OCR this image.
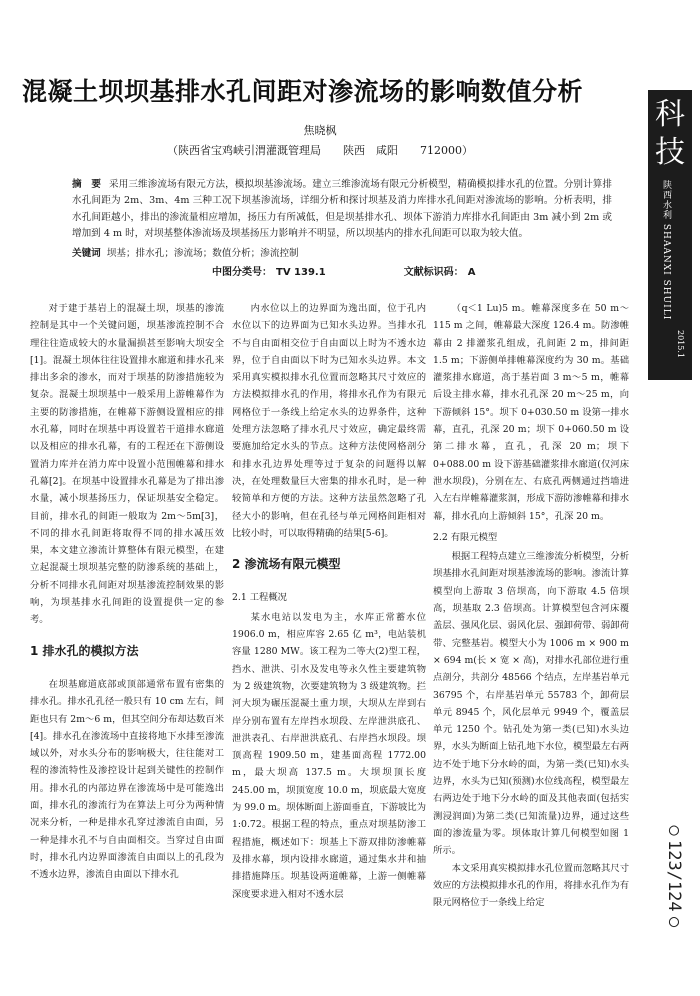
混凝土坝坝基排水孔间距对渗流场的影响数值分析
焦晓枫
（陕西省宝鸡峡引渭灌溉管理局　　陕西　咸阳　　712000）
摘　要 采用三维渗流场有限元方法，模拟坝基渗流场。建立三维渗流场有限元分析模型，精确模拟排水孔的位置。分别计算排水孔间距为 2m、3m、4m 三种工况下坝基渗流场，详细分析和探讨坝基及消力库排水孔间距对渗流场的影响。分析表明，排水孔间距越小，排出的渗流量相应增加，扬压力有所减低，但是坝基排水孔、坝体下游消力库排水孔间距由 3m 减小到 2m 或增加到 4 m 时，对坝基整体渗流场及坝基扬压力影响并不明显，所以坝基内的排水孔间距可以取为较大值。
关键词 坝基；排水孔；渗流场；数值分析；渗流控制
中图分类号： TV 139.1	文献标识码： A

对于建于基岩上的混凝土坝，坝基的渗流控制是其中一个关键问题，坝基渗流控制不合理往往造成较大的水量漏损甚至影响大坝安全[1]。混凝土坝体往往设置排水廊道和排水孔来排出多余的渗水，而对于坝基的防渗措施较为复杂。混凝土坝坝基中一般采用上游帷幕作为主要的防渗措施，在帷幕下游侧设置相应的排水孔幕，同时在坝基中再设置若干道排水廊道以及相应的排水孔幕，有的工程还在下游侧设置消力库并在消力库中设置小范围帷幕和排水孔幕[2]。在坝基中设置排水孔幕是为了排出渗水量，减小坝基扬压力，保证坝基安全稳定。目前，排水孔的间距一般取为 2m～5m[3]，不同的排水孔间距将取得不同的排水减压效果，本文建立渗流计算整体有限元模型，在建立起混凝土坝坝基完整的防渗系统的基础上，分析不同排水孔间距对坝基渗流控制效果的影响，为坝基排水孔间距的设置提供一定的参考。

1 排水孔的模拟方法

在坝基廊道底部或顶部通常布置有密集的排水孔。排水孔孔径一般只有 10 cm 左右，间距也只有 2m～6 m，但其空间分布却达数百米[4]。排水孔在渗流场中直接将地下水排至渗流域以外，对水头分布的影响极大，往往能对工程的渗流特性及渗控设计起到关键性的控制作用。排水孔的内部边界在渗流场中是可能逸出面，排水孔的渗流行为在算法上可分为两种情况来分析，一种是排水孔穿过渗流自由面，另一种是排水孔不与自由面相交。当穿过自由面时，排水孔内边界面渗流自由面以上的孔段为不透水边界，渗流自由面以下排水孔

内水位以上的边界面为逸出面，位于孔内水位以下的边界面为已知水头边界。当排水孔不与自由面相交位于自由面以上时为不透水边界，位于自由面以下时为已知水头边界。本文采用真实模拟排水孔位置而忽略其尺寸效应的方法模拟排水孔的作用，将排水孔作为有限元网格位于一条线上给定水头的边界条件，这种处理方法忽略了排水孔尺寸效应，确定最终需要施加给定水头的节点。这种方法使网格剖分和排水孔边界处理等过于复杂的问题得以解决，在处理数量巨大密集的排水孔时，是一种较简单和方便的方法。这种方法虽然忽略了孔径大小的影响，但在孔径与单元网格间距相对比较小时，可以取得精确的结果[5-6]。

2 渗流场有限元模型
2.1 工程概况

某水电站以发电为主，水库正常蓄水位 1906.0 m，相应库容 2.65 亿 m³，电站装机容量 1280 MW。该工程为二等大(2)型工程，挡水、泄洪、引水及发电等永久性主要建筑物为 2 级建筑物，次要建筑物为 3 级建筑物。拦河大坝为碾压混凝土重力坝，大坝从左岸到右岸分别布置有左岸挡水坝段、左岸泄洪底孔、泄洪表孔、右岸泄洪底孔、右岸挡水坝段。坝顶高程 1909.50 m，建基面高程 1772.00 m，最大坝高 137.5 m。大坝坝顶长度 245.00 m，坝顶宽度 10.0 m，坝底最大宽度为 99.0 m。坝体断面上游面垂直，下游坡比为 1:0.72。根据工程的特点，重点对坝基防渗工程措施，概述如下：坝基上下游双排防渗帷幕及排水幕，坝内设排水廊道，通过集水井和抽排措施降压。坝基设两道帷幕，上游一侧帷幕深度要求进入相对不透水层

（q＜1 Lu)5 m。帷幕深度多在 50 m～115 m 之间，帷幕最大深度 126.4 m。防渗帷幕由 2 排灌浆孔组成，孔间距 2 m，排间距 1.5 m；下游侧单排帷幕深度约为 30 m。基础灌浆排水廊道，高于基岩面 3 m～5 m，帷幕后设主排水幕，排水孔孔深 20 m～25 m，向下游倾斜 15°。坝下 0+030.50 m 设第一排水幕，直孔，孔深 20 m；坝下 0+060.50 m 设第二排水幕，直孔，孔深 20 m；坝下 0+088.00 m 设下游基础灌浆排水廊道(仅河床泄水坝段)，分别在左、右底孔两侧通过挡墙进入左右岸帷幕灌浆洞，形成下游防渗帷幕和排水幕，排水孔向上游倾斜 15°，孔深 20 m。

2.2 有限元模型

根据工程特点建立三维渗流分析模型，分析坝基排水孔间距对坝基渗流场的影响。渗流计算模型向上游取 3 倍坝高，向下游取 4.5 倍坝高，坝基取 2.3 倍坝高。计算模型包含河床覆盖层、强风化层、弱风化层、强卸荷带、弱卸荷带、完整基岩。模型大小为 1006 m × 900 m × 694 m(长 × 宽 × 高)，对排水孔部位进行重点剖分，共剖分 48566 个结点，左岸基岩单元 36795 个，右岸基岩单元 55783 个，卸荷层单元 8945 个，风化层单元 9949 个，覆盖层单元 1250 个。钻孔处为第一类(已知)水头边界，水头为断面上钻孔地下水位，模型最左右两边不处于地下分水岭的面，为第一类(已知)水头边界，水头为已知(预测)水位线高程，模型最左右两边处于地下分水岭的面及其他表面(包括实测浸润面)为第二类(已知流量)边界，通过这些面的渗流量为零。坝体取计算几何模型如图 1 所示。

本文采用真实模拟排水孔位置而忽略其尺寸效应的方法模拟排水孔的作用，将排水孔作为有限元网格位于一条线上给定

科技
陕西水利 SHAANXI SHUILI
2015.1
○123/124○
